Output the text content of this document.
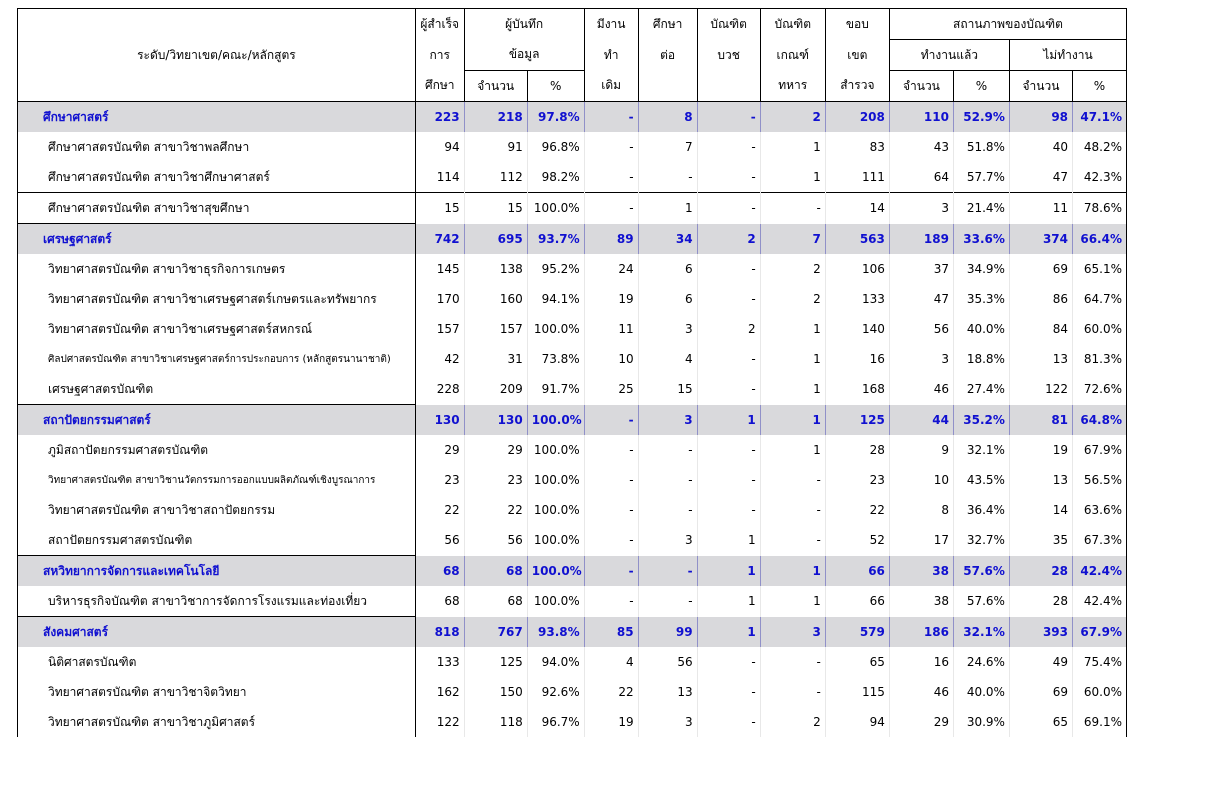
ระดับ/วิทยาเขต/คณะ/หลักสูตร	ผู้สำเร็จ	ผู้บันทึก		มีงาน	ศึกษา	บัณฑิต	บัณฑิต	ขอบ	สถานภาพของบัณฑิต			
	การ	ข้อมูล		ทำ	ต่อ	บวช	เกณฑ์	เขต	ทำงานแล้ว		ไม่ทำงาน	
	ศึกษา	จำนวน	%	เดิม			ทหาร	สำรวจ	จำนวน	%	จำนวน	%
ศึกษาศาสตร์	223	218	97.8%	-	8	-	2	208	110	52.9%	98	47.1%
ศึกษาศาสตรบัณฑิต สาขาวิชาพลศึกษา	94	91	96.8%	-	7	-	1	83	43	51.8%	40	48.2%
ศึกษาศาสตรบัณฑิต สาขาวิชาศึกษาศาสตร์	114	112	98.2%	-	-	-	1	111	64	57.7%	47	42.3%
ศึกษาศาสตรบัณฑิต สาขาวิชาสุขศึกษา	15	15	100.0%	-	1	-	-	14	3	21.4%	11	78.6%
เศรษฐศาสตร์	742	695	93.7%	89	34	2	7	563	189	33.6%	374	66.4%
วิทยาศาสตรบัณฑิต สาขาวิชาธุรกิจการเกษตร	145	138	95.2%	24	6	-	2	106	37	34.9%	69	65.1%
วิทยาศาสตรบัณฑิต สาขาวิชาเศรษฐศาสตร์เกษตรและทรัพยากร	170	160	94.1%	19	6	-	2	133	47	35.3%	86	64.7%
วิทยาศาสตรบัณฑิต สาขาวิชาเศรษฐศาสตร์สหกรณ์	157	157	100.0%	11	3	2	1	140	56	40.0%	84	60.0%
ศิลปศาสตรบัณฑิต สาขาวิชาเศรษฐศาสตร์การประกอบการ (หลักสูตรนานาชาติ)	42	31	73.8%	10	4	-	1	16	3	18.8%	13	81.3%
เศรษฐศาสตรบัณฑิต	228	209	91.7%	25	15	-	1	168	46	27.4%	122	72.6%
สถาปัตยกรรมศาสตร์	130	130	100.0%	-	3	1	1	125	44	35.2%	81	64.8%
ภูมิสถาปัตยกรรมศาสตรบัณฑิต	29	29	100.0%	-	-	-	1	28	9	32.1%	19	67.9%
วิทยาศาสตรบัณฑิต สาขาวิชานวัตกรรมการออกแบบผลิตภัณฑ์เชิงบูรณาการ	23	23	100.0%	-	-	-	-	23	10	43.5%	13	56.5%
วิทยาศาสตรบัณฑิต สาขาวิชาสถาปัตยกรรม	22	22	100.0%	-	-	-	-	22	8	36.4%	14	63.6%
สถาปัตยกรรมศาสตรบัณฑิต	56	56	100.0%	-	3	1	-	52	17	32.7%	35	67.3%
สหวิทยาการจัดการและเทคโนโลยี	68	68	100.0%	-	-	1	1	66	38	57.6%	28	42.4%
บริหารธุรกิจบัณฑิต สาขาวิชาการจัดการโรงแรมและท่องเที่ยว	68	68	100.0%	-	-	1	1	66	38	57.6%	28	42.4%
สังคมศาสตร์	818	767	93.8%	85	99	1	3	579	186	32.1%	393	67.9%
นิติศาสตรบัณฑิต	133	125	94.0%	4	56	-	-	65	16	24.6%	49	75.4%
วิทยาศาสตรบัณฑิต สาขาวิชาจิตวิทยา	162	150	92.6%	22	13	-	-	115	46	40.0%	69	60.0%
วิทยาศาสตรบัณฑิต สาขาวิชาภูมิศาสตร์	122	118	96.7%	19	3	-	2	94	29	30.9%	65	69.1%
